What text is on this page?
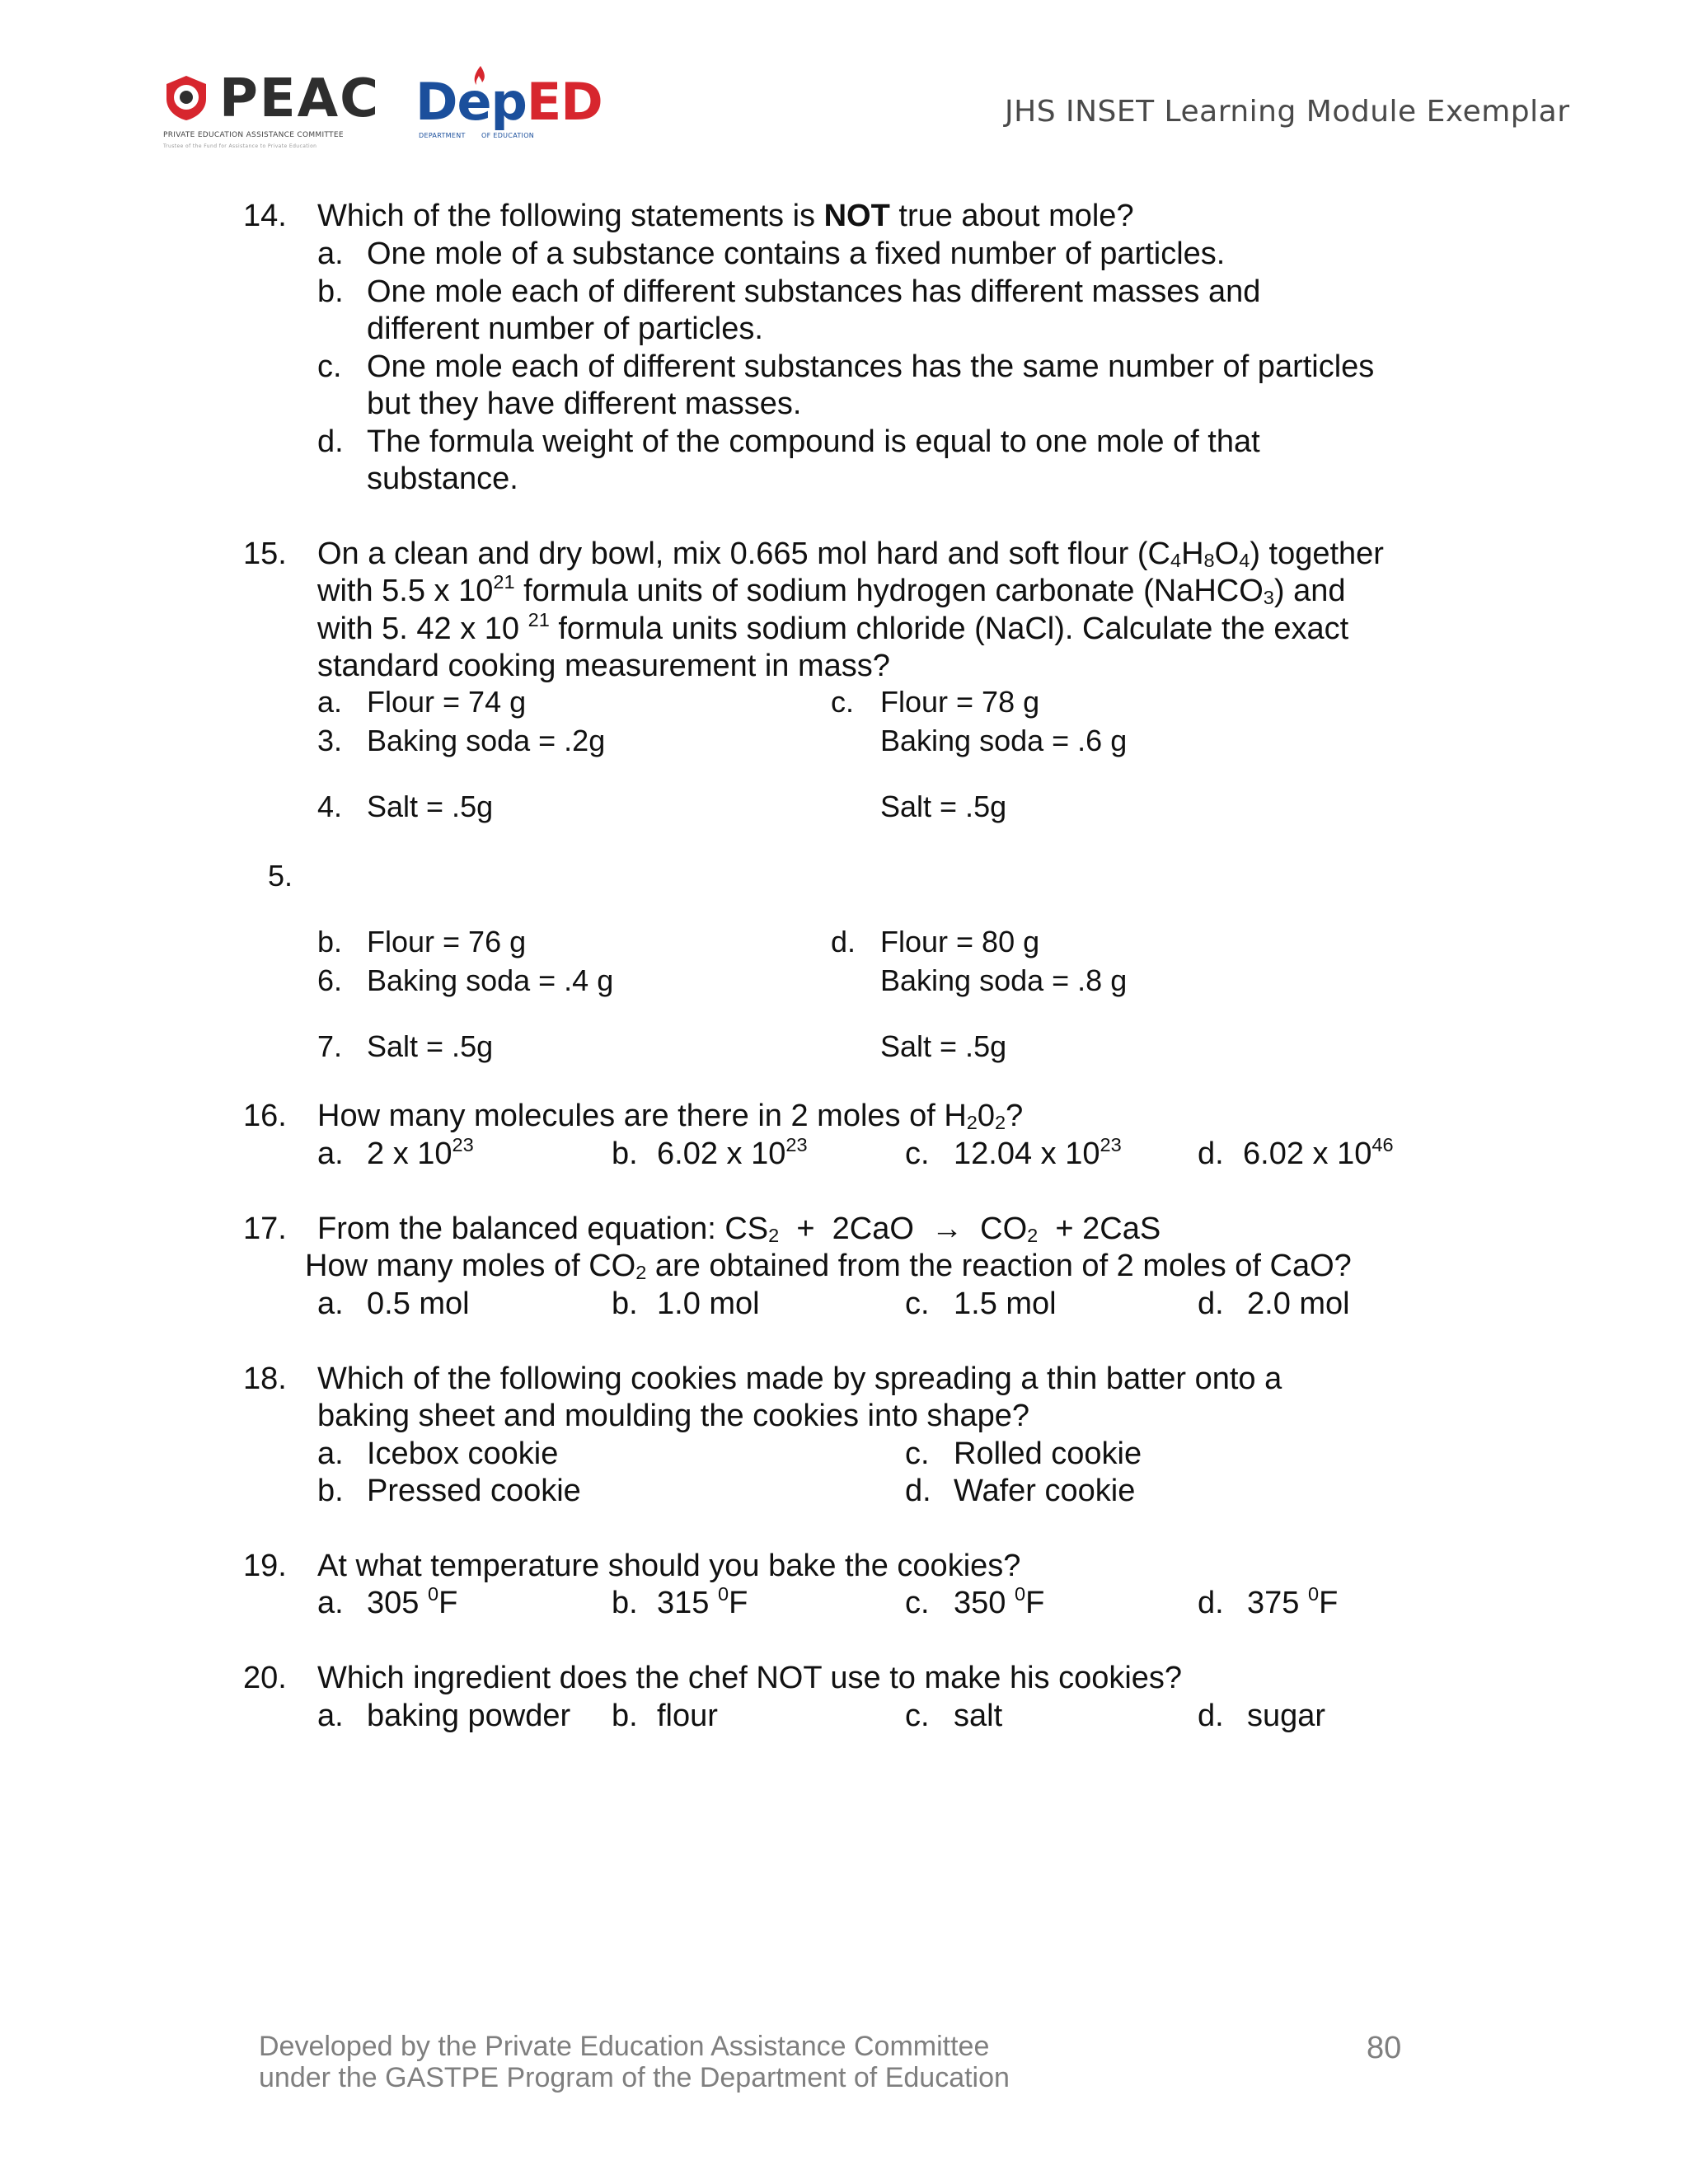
PEAC
PRIVATE EDUCATION ASSISTANCE COMMITTEE
Trustee of the Fund for Assistance to Private Education
DepED
DEPARTMENT OF EDUCATION
JHS INSET Learning Module Exemplar
14. Which of the following statements is NOT true about mole?
a. One mole of a substance contains a fixed number of particles.
b. One mole each of different substances has different masses and
different number of particles.
c. One mole each of different substances has the same number of particles
but they have different masses.
d. The formula weight of the compound is equal to one mole of that
substance.
15. On a clean and dry bowl, mix 0.665 mol hard and soft flour $(C_4H_8O_4)$ together
with 5.5 x $10^{21}$ formula units of sodium hydrogen carbonate (NaHCO$_3$) and
with 5. 42 x 10 $^{21}$ formula units sodium chloride (NaCl). Calculate the exact
standard cooking measurement in mass?
a. Flour = 74 g
3. Baking soda = .2g
4. Salt = .5g
c. Flour = 78 g
Baking soda = .6 g
Salt = .5g
5.
b. Flour = 76 g
6. Baking soda = .4 g
7. Salt = .5g
d. Flour = 80 g
Baking soda = .8 g
Salt = .5g
16. How many molecules are there in 2 moles of $H_20_2$?
a. 2 x $10^{23}$	b. 6.02 x $10^{23}$	c. 12.04 x $10^{23}$ d. 6.02 x $10^{46}$
17. From the balanced equation: $CS_2 + 2CaO \to CO_2 + 2CaS$
How many moles of $CO_2$ are obtained from the reaction of 2 moles of CaO?
a. 0.5 mol	b. 1.0 mol	c. 1.5 mol	d. 2.0 mol
18. Which of the following cookies made by spreading a thin batter onto a
baking sheet and moulding the cookies into shape?
a. Icebox cookie	c. Rolled cookie
b. Pressed cookie	d. Wafer cookie
19. At what temperature should you bake the cookies?
a. 305 $^0$F	b. 315 $^0$F	c. 350 $^0$F	d. 375 $^0$F
20. Which ingredient does the chef NOT use to make his cookies?
a. baking powder b. flour	c. salt	d. sugar
Developed by the Private Education Assistance Committee
under the GASTPE Program of the Department of Education
80
